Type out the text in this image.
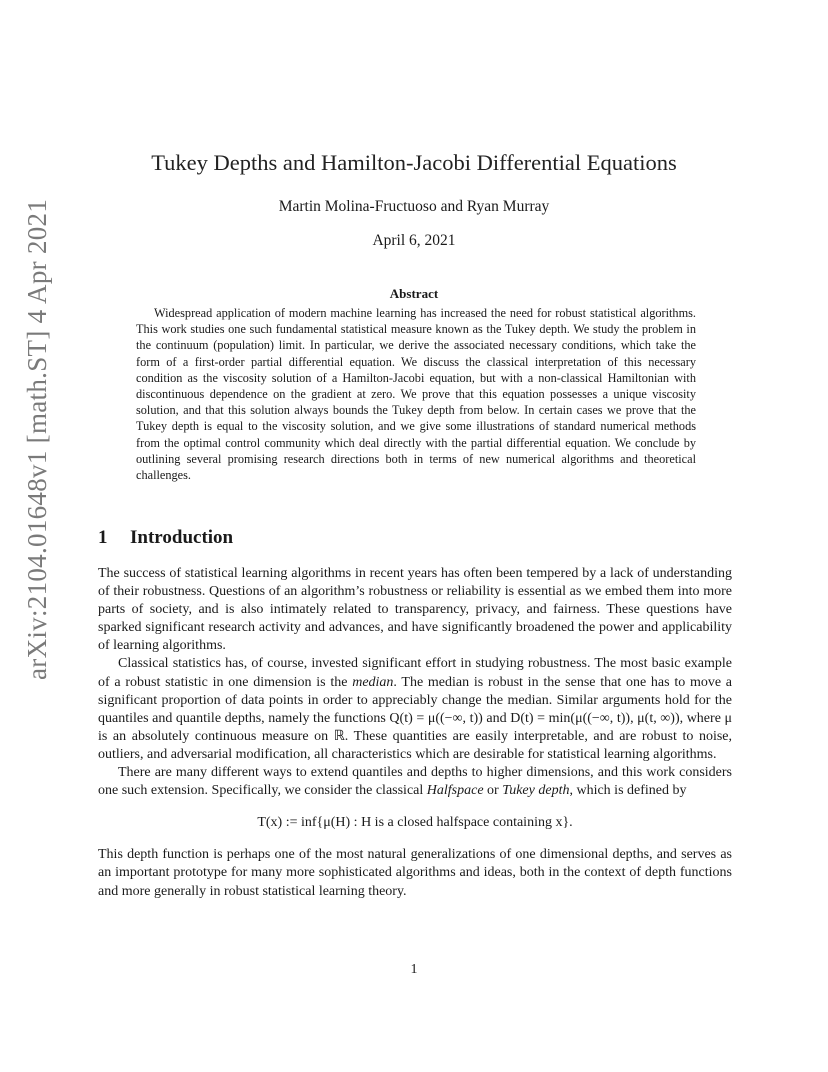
arXiv:2104.01648v1 [math.ST] 4 Apr 2021
Tukey Depths and Hamilton-Jacobi Differential Equations
Martin Molina-Fructuoso and Ryan Murray
April 6, 2021
Abstract
Widespread application of modern machine learning has increased the need for robust statistical algorithms. This work studies one such fundamental statistical measure known as the Tukey depth. We study the problem in the continuum (population) limit. In particular, we derive the associated necessary conditions, which take the form of a first-order partial differential equation. We discuss the classical interpretation of this necessary condition as the viscosity solution of a Hamilton-Jacobi equation, but with a non-classical Hamiltonian with discontinuous dependence on the gradient at zero. We prove that this equation possesses a unique viscosity solution, and that this solution always bounds the Tukey depth from below. In certain cases we prove that the Tukey depth is equal to the viscosity solution, and we give some illustrations of standard numerical methods from the optimal control community which deal directly with the partial differential equation. We conclude by outlining several promising research directions both in terms of new numerical algorithms and theoretical challenges.
1 Introduction

The success of statistical learning algorithms in recent years has often been tempered by a lack of understanding of their robustness. Questions of an algorithm’s robustness or reliability is essential as we embed them into more parts of society, and is also intimately related to transparency, privacy, and fairness. These questions have sparked significant research activity and advances, and have significantly broadened the power and applicability of learning algorithms.

Classical statistics has, of course, invested significant effort in studying robustness. The most basic example of a robust statistic in one dimension is the median. The median is robust in the sense that one has to move a significant proportion of data points in order to appreciably change the median. Similar arguments hold for the quantiles and quantile depths, namely the functions Q(t) = μ((−∞, t)) and D(t) = min(μ((−∞, t)), μ(t, ∞)), where μ is an absolutely continuous measure on ℝ. These quantities are easily interpretable, and are robust to noise, outliers, and adversarial modification, all characteristics which are desirable for statistical learning algorithms.

There are many different ways to extend quantiles and depths to higher dimensions, and this work considers one such extension. Specifically, we consider the classical Halfspace or Tukey depth, which is defined by

T(x) := inf{μ(H) : H is a closed halfspace containing x}.

This depth function is perhaps one of the most natural generalizations of one dimensional depths, and serves as an important prototype for many more sophisticated algorithms and ideas, both in the context of depth functions and more generally in robust statistical learning theory.

1
